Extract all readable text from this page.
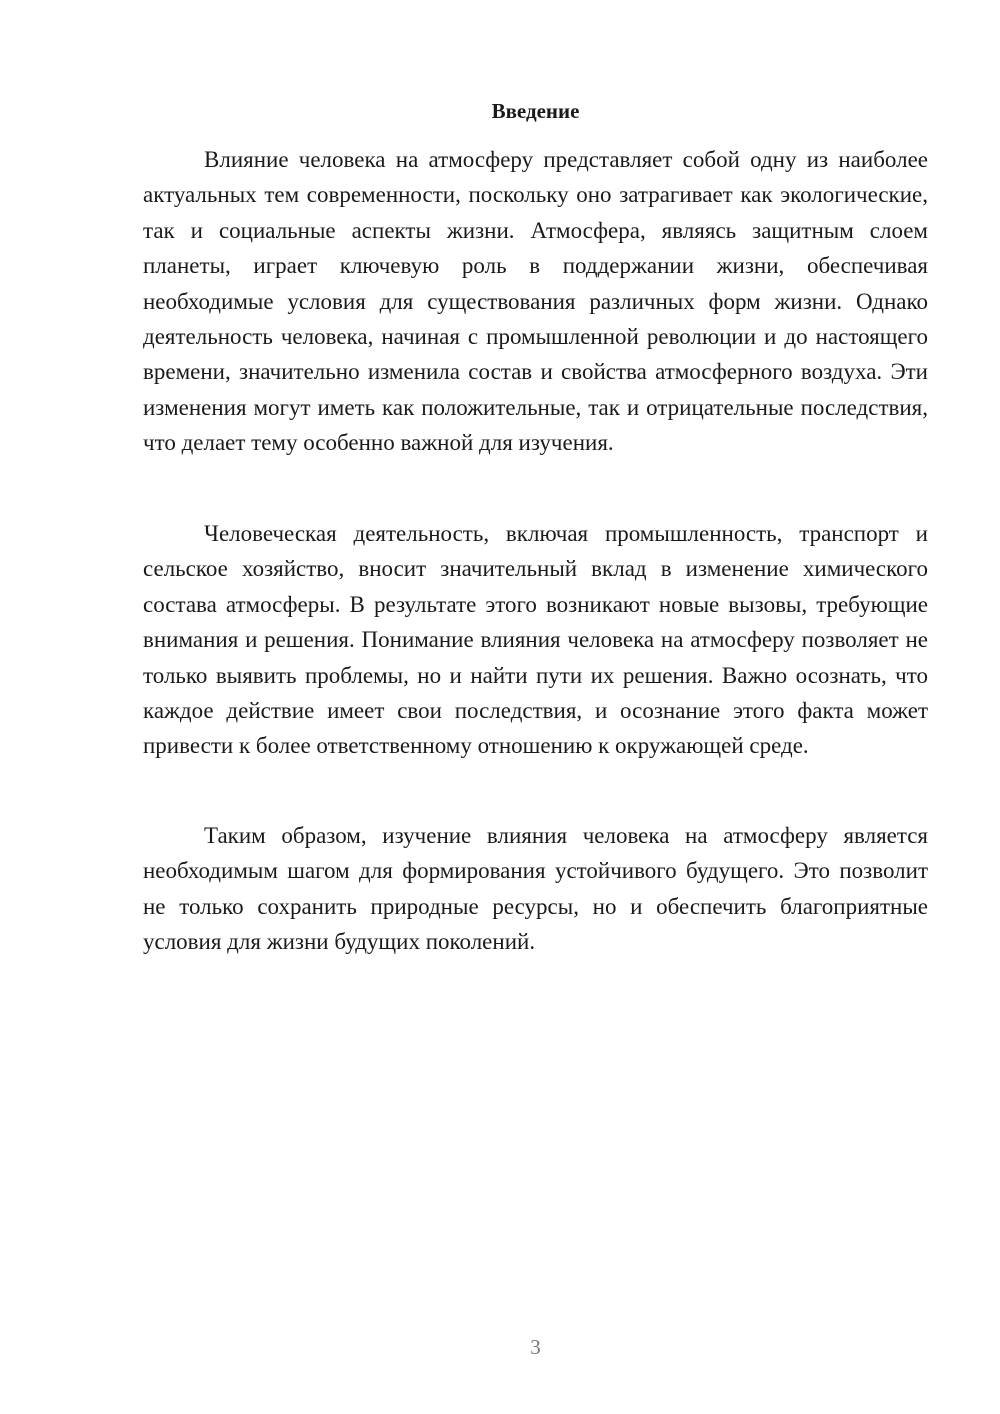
Введение

Влияние человека на атмосферу представляет собой одну из наиболее актуальных тем современности, поскольку оно затрагивает как экологические, так и социальные аспекты жизни. Атмосфера, являясь защитным слоем планеты, играет ключевую роль в поддержании жизни, обеспечивая необходимые условия для существования различных форм жизни. Однако деятельность человека, начиная с промышленной революции и до настоящего времени, значительно изменила состав и свойства атмосферного воздуха. Эти изменения могут иметь как положительные, так и отрицательные последствия, что делает тему особенно важной для изучения.

Человеческая деятельность, включая промышленность, транспорт и сельское хозяйство, вносит значительный вклад в изменение химического состава атмосферы. В результате этого возникают новые вызовы, требующие внимания и решения. Понимание влияния человека на атмосферу позволяет не только выявить проблемы, но и найти пути их решения. Важно осознать, что каждое действие имеет свои последствия, и осознание этого факта может привести к более ответственному отношению к окружающей среде.

Таким образом, изучение влияния человека на атмосферу является необходимым шагом для формирования устойчивого будущего. Это позволит не только сохранить природные ресурсы, но и обеспечить благоприятные условия для жизни будущих поколений.

3
